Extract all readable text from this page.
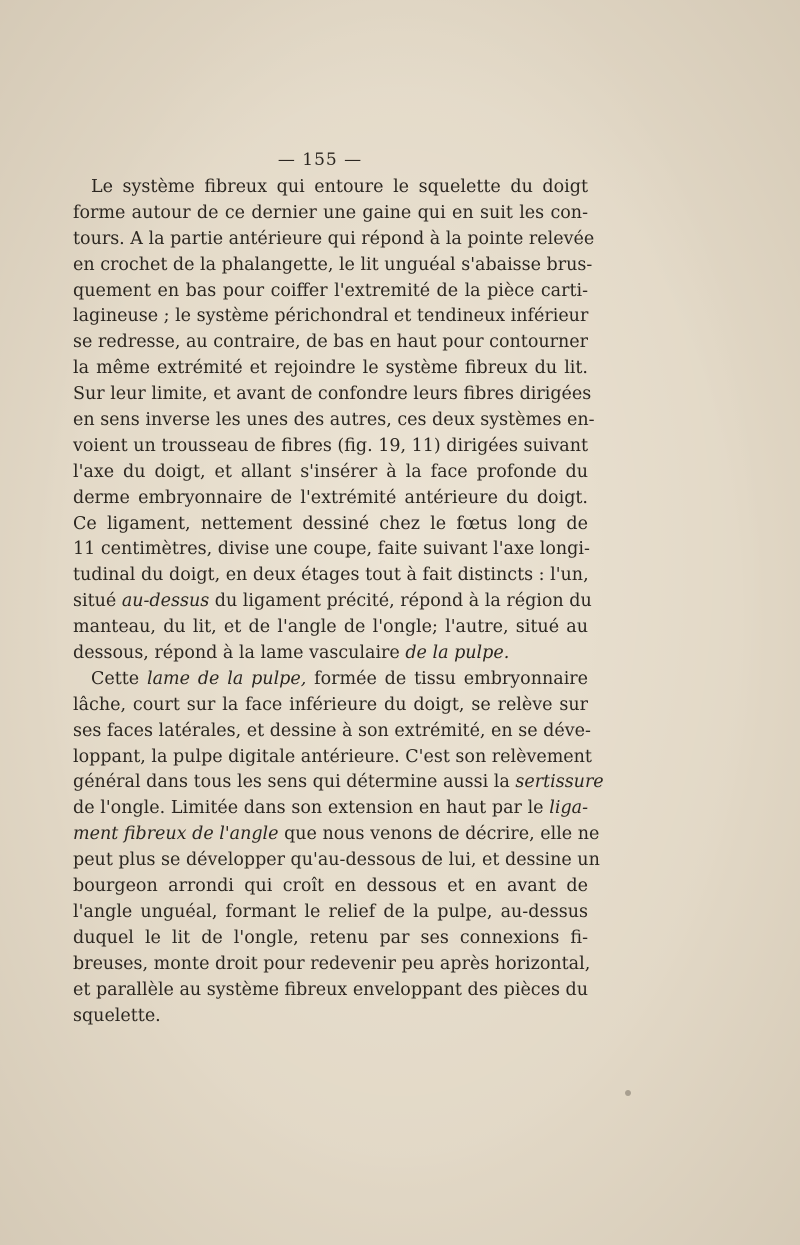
— 155 —
Le système fibreux qui entoure le squelette du doigt
forme autour de ce dernier une gaine qui en suit les con-
tours. A la partie antérieure qui répond à la pointe relevée
en crochet de la phalangette, le lit unguéal s'abaisse brus-
quement en bas pour coiffer l'extremité de la pièce carti-
lagineuse ; le système périchondral et tendineux inférieur
se redresse, au contraire, de bas en haut pour contourner
la même extrémité et rejoindre le système fibreux du lit.
Sur leur limite, et avant de confondre leurs fibres dirigées
en sens inverse les unes des autres, ces deux systèmes en-
voient un trousseau de fibres (fig. 19, 11) dirigées suivant
l'axe du doigt, et allant s'insérer à la face profonde du
derme embryonnaire de l'extrémité antérieure du doigt.
Ce ligament, nettement dessiné chez le fœtus long de
11 centimètres, divise une coupe, faite suivant l'axe longi-
tudinal du doigt, en deux étages tout à fait distincts : l'un,
situé au-dessus du ligament précité, répond à la région du
manteau, du lit, et de l'angle de l'ongle; l'autre, situé au
dessous, répond à la lame vasculaire de la pulpe.
Cette lame de la pulpe, formée de tissu embryonnaire
lâche, court sur la face inférieure du doigt, se relève sur
ses faces latérales, et dessine à son extrémité, en se déve-
loppant, la pulpe digitale antérieure. C'est son relèvement
général dans tous les sens qui détermine aussi la sertissure
de l'ongle. Limitée dans son extension en haut par le liga-
ment fibreux de l'angle que nous venons de décrire, elle ne
peut plus se développer qu'au-dessous de lui, et dessine un
bourgeon arrondi qui croît en dessous et en avant de
l'angle unguéal, formant le relief de la pulpe, au-dessus
duquel le lit de l'ongle, retenu par ses connexions fi-
breuses, monte droit pour redevenir peu après horizontal,
et parallèle au système fibreux enveloppant des pièces du
squelette.
